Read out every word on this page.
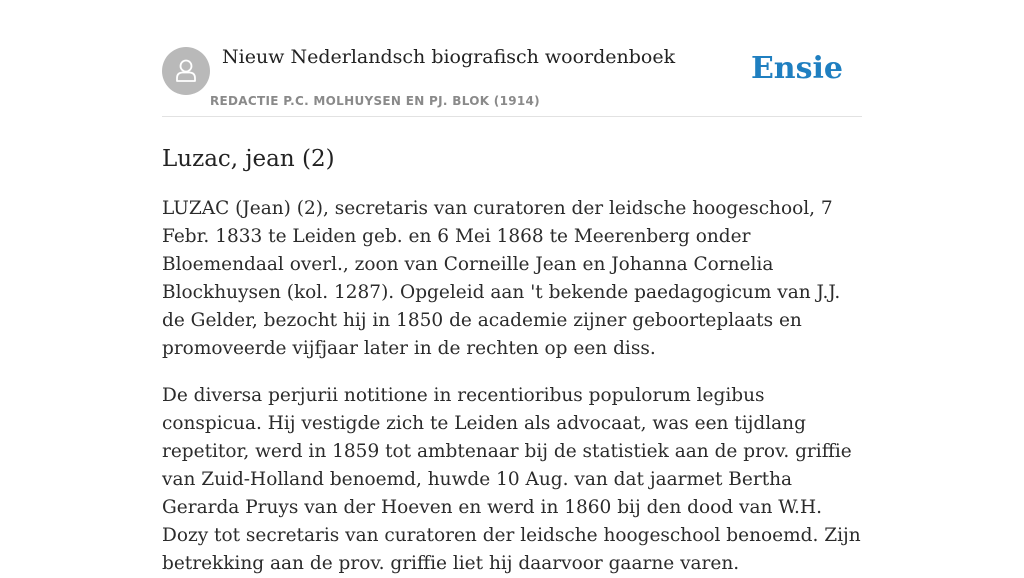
Nieuw Nederlandsch biografisch woordenboek
REDACTIE P.C. MOLHUYSEN EN PJ. BLOK (1914)
Ensie
Luzac, jean (2)

LUZAC (Jean) (2), secretaris van curatoren der leidsche hoogeschool, 7 Febr. 1833 te Leiden geb. en 6 Mei 1868 te Meerenberg onder Bloemendaal overl., zoon van Corneille Jean en Johanna Cornelia Blockhuysen (kol. 1287). Opgeleid aan 't bekende paedagogicum van J.J. de Gelder, bezocht hij in 1850 de academie zijner geboorteplaats en promoveerde vijfjaar later in de rechten op een diss.

De diversa perjurii notitione in recentioribus populorum legibus conspicua. Hij vestigde zich te Leiden als advocaat, was een tijdlang repetitor, werd in 1859 tot ambtenaar bij de statistiek aan de prov. griffie van Zuid-Holland benoemd, huwde 10 Aug. van dat jaarmet Bertha Gerarda Pruys van der Hoeven en werd in 1860 bij den dood van W.H. Dozy tot secretaris van curatoren der leidsche hoogeschool benoemd. Zijn betrekking aan de prov. griffie liet hij daarvoor gaarne varen.
